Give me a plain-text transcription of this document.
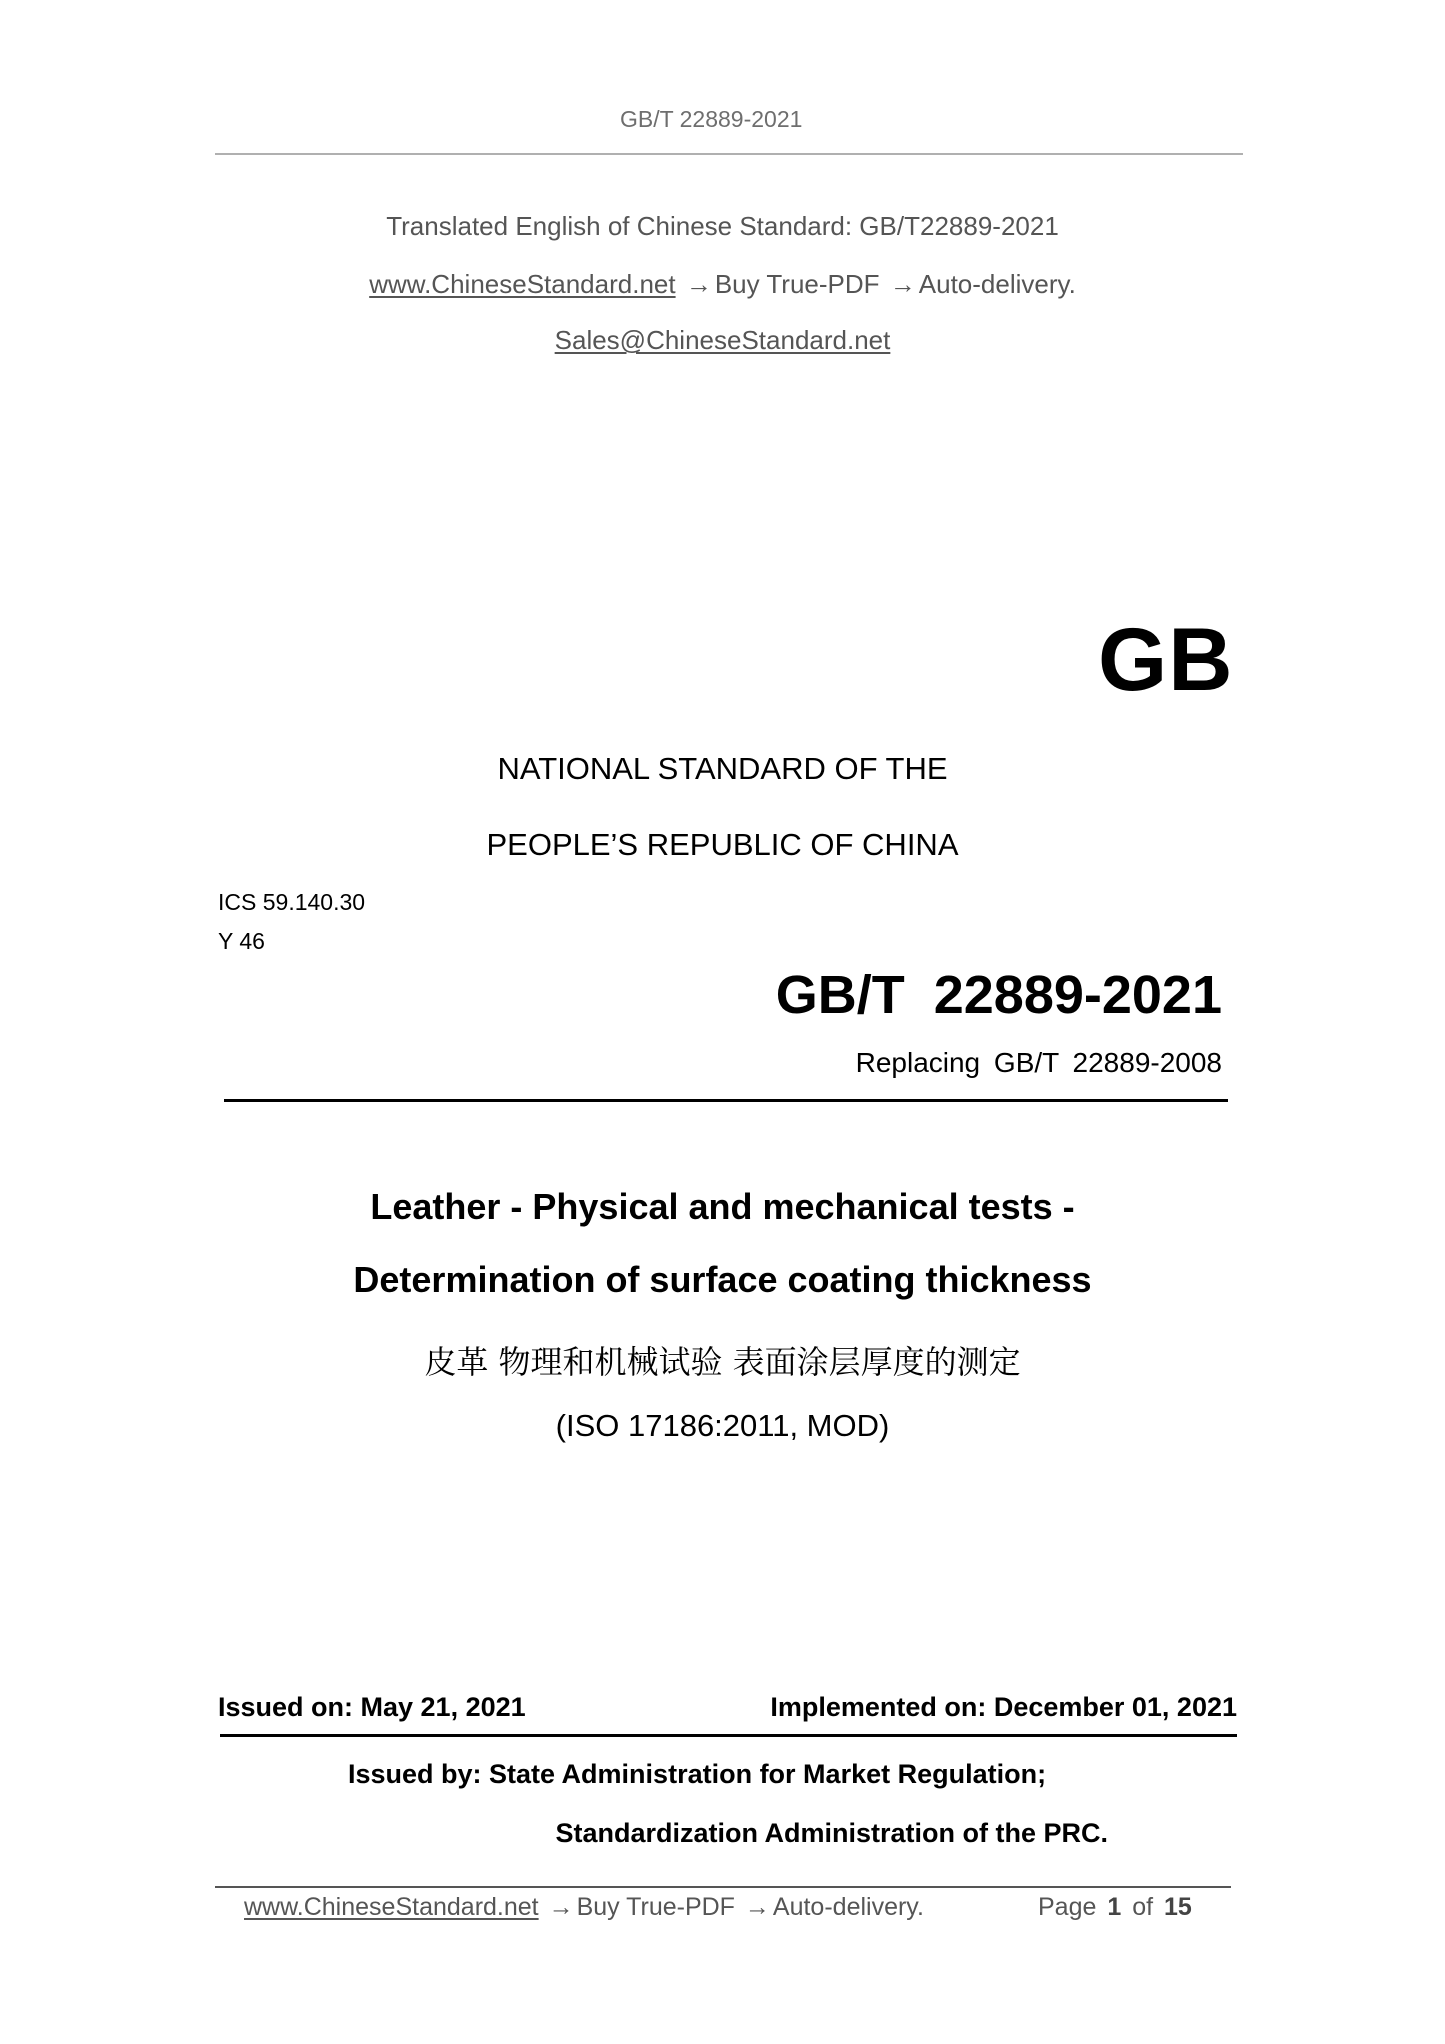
GB/T 22889-2021
Translated English of Chinese Standard: GB/T22889-2021
www.ChineseStandard.net → Buy True-PDF → Auto-delivery.
Sales@ChineseStandard.net
GB
NATIONAL STANDARD OF THE
PEOPLE’S REPUBLIC OF CHINA
ICS 59.140.30
Y 46
GB/T 22889-2021
Replacing GB/T 22889-2008
Leather - Physical and mechanical tests -
Determination of surface coating thickness
皮革 物理和机械试验 表面涂层厚度的测定
(ISO 17186:2011, MOD)
Issued on: May 21, 2021	Implemented on: December 01, 2021
Issued by: State Administration for Market Regulation;
Standardization Administration of the PRC.
www.ChineseStandard.net → Buy True-PDF → Auto-delivery.	Page 1 of 15
